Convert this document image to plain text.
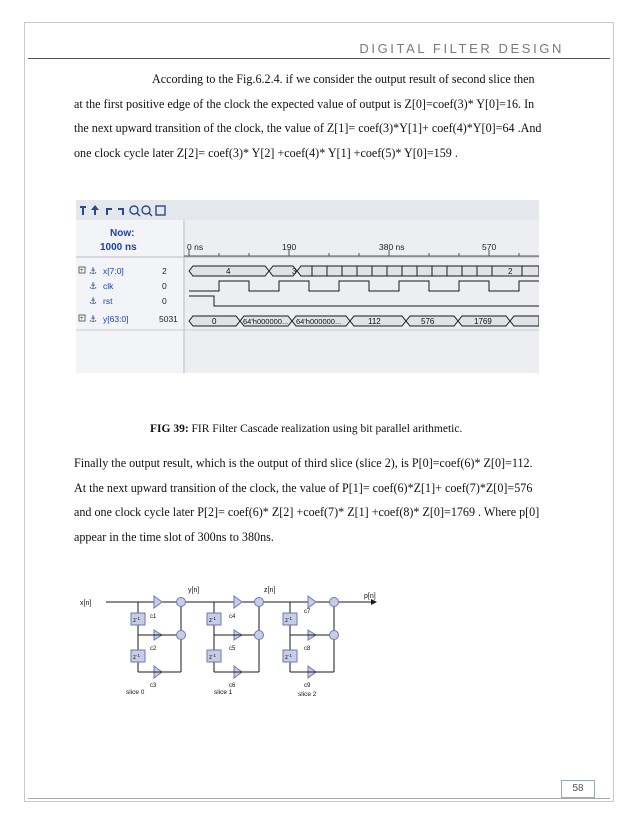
DIGITAL FILTER DESIGN
According to the Fig.6.2.4. if we consider the output result of second slice then
at the first positive edge of the clock the expected value of output is Z[0]=coef(3)* Y[0]=16. In
the next upward transition of the clock, the value of Z[1]= coef(3)*Y[1]+ coef(4)*Y[0]=64 .And
one clock cycle later Z[2]= coef(3)* Y[2] +coef(4)* Y[1] +coef(5)* Y[0]=159 .
Now:
1000 ns	0 ns	190	380 ns	570
+ ⚓ x[7:0]	2
⚓ clk	0
⚓ rst	0
+ ⚓ y[63:0]	5031
4	3	2
0	64'h000000... 64'h000000...	112	576	1769
FIG 39: FIR Filter Cascade realization using bit parallel arithmetic.
Finally the output result, which is the output of third slice (slice 2), is P[0]=coef(6)* Z[0]=112.
At the next upward transition of the clock, the value of P[1]= coef(6)*Z[1]+ coef(7)*Z[0]=576
and one clock cycle later P[2]= coef(6)* Z[2] +coef(7)* Z[1] +coef(8)* Z[0]=1769 . Where p[0]
appear in the time slot of 300ns to 380ns.
x[n]
y[n]	z[n]
p[n]
$z^{-1}$
$z^{-1}$
$z^{-1}$
$z^{-1}$
$z^{-1}$
$z^{-1}$
c1
c2
c3
c4
c5
c6
c7
c8
c9
slice 0	slice 1	slice 2
58
